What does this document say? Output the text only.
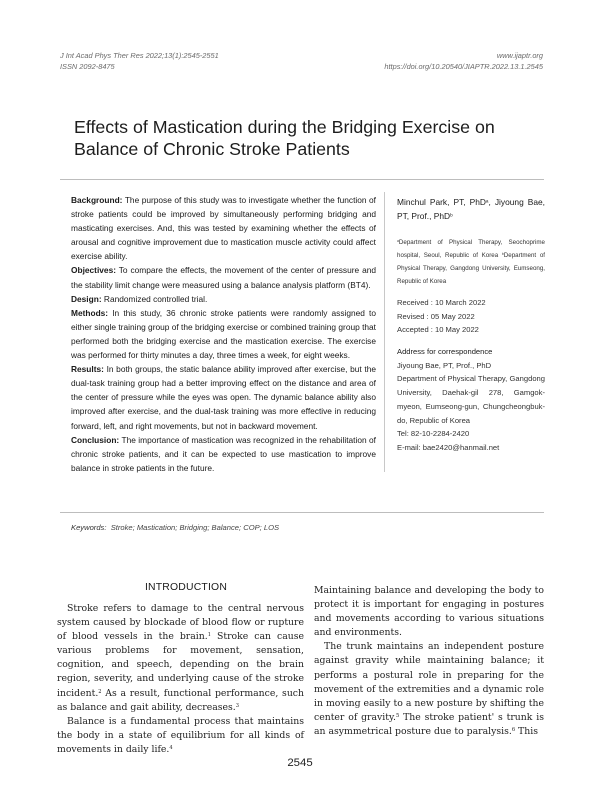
J Int Acad Phys Ther Res 2022;13(1):2545-2551
ISSN 2092-8475
www.ijaptr.org
https://doi.org/10.20540/JIAPTR.2022.13.1.2545
Effects of Mastication during the Bridging Exercise on Balance of Chronic Stroke Patients

Background: The purpose of this study was to investigate whether the function of stroke patients could be improved by simultaneously performing bridging and masticating exercises. And, this was tested by examining whether the effects of arousal and cognitive improvement due to mastication muscle activity could affect exercise ability.

Objectives: To compare the effects, the movement of the center of pressure and the stability limit change were measured using a balance analysis platform (BT4).

Design: Randomized controlled trial.

Methods: In this study, 36 chronic stroke patients were randomly assigned to either single training group of the bridging exercise or combined training group that performed both the bridging exercise and the mastication exercise. The exercise was performed for thirty minutes a day, three times a week, for eight weeks.

Results: In both groups, the static balance ability improved after exercise, but the dual-task training group had a better improving effect on the distance and area of the center of pressure while the eyes was open. The dynamic balance ability also improved after exercise, and the dual-task training was more effective in reducing forward, left, and right movements, but not in backward movement.

Conclusion: The importance of mastication was recognized in the rehabilitation of chronic stroke patients, and it can be expected to use mastication to improve balance in stroke patients in the future.

Minchul Park, PT, PhD$^a$, Jiyoung Bae, PT, Prof., PhD$^b$
$^a$Department of Physical Therapy, Seochoprime hospital, Seoul, Republic of Korea $^b$Department of Physical Therapy, Gangdong University, Eumseong, Republic of Korea
Received : 10 March 2022
Revised : 05 May 2022
Accepted : 10 May 2022
Address for correspondence
Jiyoung Bae, PT, Prof., PhD
Department of Physical Therapy, Gangdong University, Daehak-gil 278, Gamgok-myeon, Eumseong-gun, Chungcheongbuk-do, Republic of Korea
Tel: 82-10-2284-2420
E-mail: bae2420@hanmail.net
Keywords: Stroke; Mastication; Bridging; Balance; COP; LOS
INTRODUCTION

Stroke refers to damage to the central nervous system caused by blockade of blood flow or rupture of blood vessels in the brain.$^1$ Stroke can cause various problems for movement, sensation, cognition, and speech, depending on the brain region, severity, and underlying cause of the stroke incident.$^2$ As a result, functional performance, such as balance and gait ability, decreases.$^3$

Balance is a fundamental process that maintains the body in a state of equilibrium for all kinds of movements in daily life.$^4$

Maintaining balance and developing the body to protect it is important for engaging in postures and movements according to various situations and environments.

The trunk maintains an independent posture against gravity while maintaining balance; it performs a postural role in preparing for the movement of the extremities and a dynamic role in moving easily to a new posture by shifting the center of gravity.$^5$ The stroke patient' s trunk is an asymmetrical posture due to paralysis.$^6$ This

2545
